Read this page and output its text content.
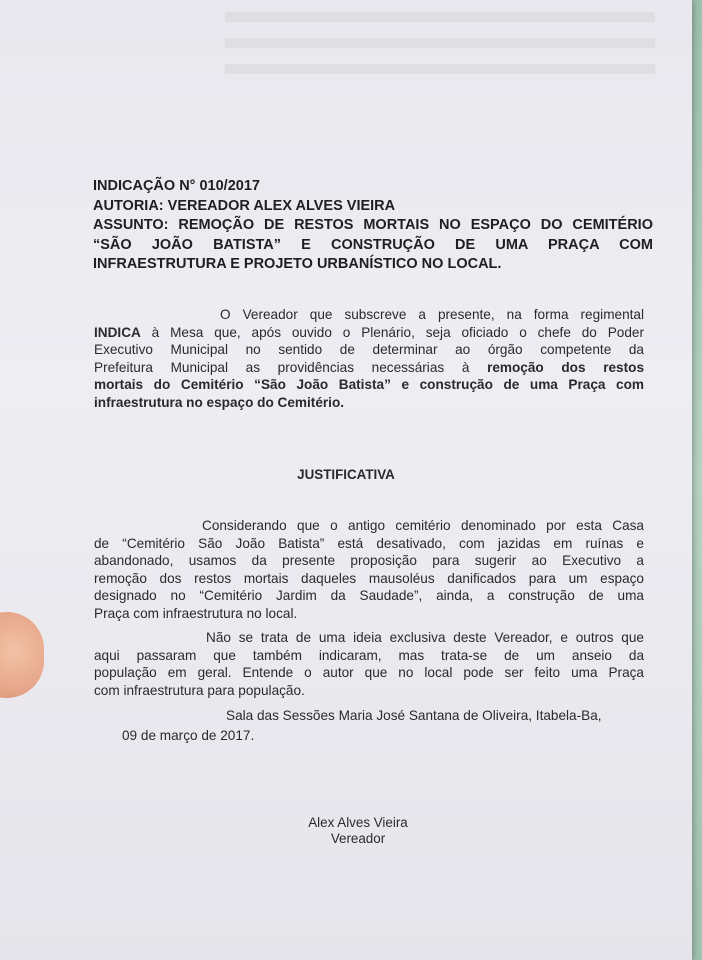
INDICAÇÃO N° 010/2017
AUTORIA: VEREADOR ALEX ALVES VIEIRA
ASSUNTO: REMOÇÃO DE RESTOS MORTAIS NO ESPAÇO DO CEMITÉRIO
“SÃO JOÃO BATISTA” E CONSTRUÇÃO DE UMA PRAÇA COM
INFRAESTRUTURA E PROJETO URBANÍSTICO NO LOCAL.

O Vereador que subscreve a presente, na forma regimental

INDICA à Mesa que, após ouvido o Plenário, seja oficiado o chefe do Poder

Executivo Municipal no sentido de determinar ao órgão competente da

Prefeitura Municipal as providências necessárias à remoção dos restos

mortais do Cemitério “São João Batista” e construção de uma Praça com

infraestrutura no espaço do Cemitério.

JUSTIFICATIVA

Considerando que o antigo cemitério denominado por esta Casa

de “Cemitério São João Batista” está desativado, com jazidas em ruínas e

abandonado, usamos da presente proposição para sugerir ao Executivo a

remoção dos restos mortais daqueles mausoléus danificados para um espaço

designado no “Cemitério Jardim da Saudade”, ainda, a construção de uma

Praça com infraestrutura no local.

Não se trata de uma ideia exclusiva deste Vereador, e outros que

aqui passaram que também indicaram, mas trata-se de um anseio da

população em geral. Entende o autor que no local pode ser feito uma Praça

com infraestrutura para população.

Sala das Sessões Maria José Santana de Oliveira, Itabela-Ba,

09 de março de 2017.

Alex Alves Vieira
Vereador
